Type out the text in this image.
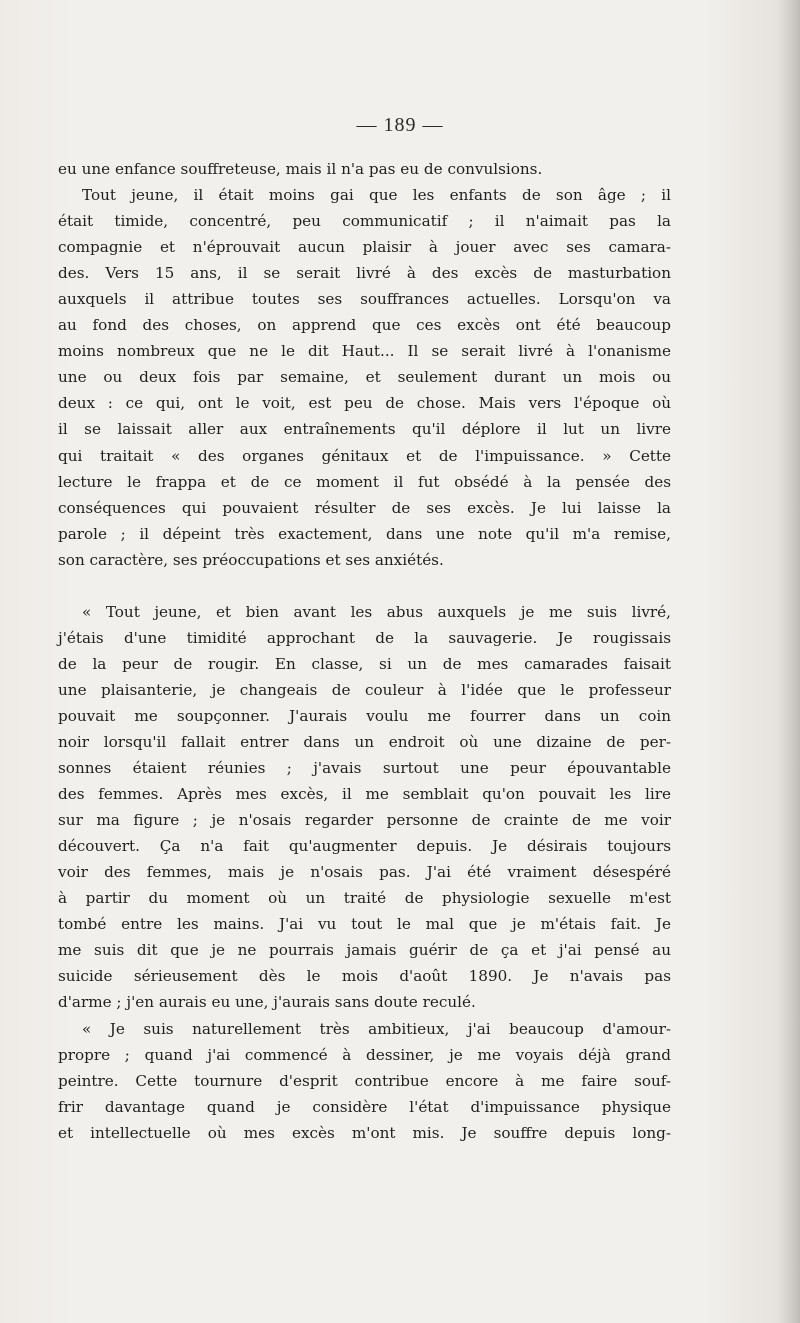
— 189 —
eu une enfance souffreteuse, mais il n'a pas eu de convulsions.
Tout jeune, il était moins gai que les enfants de son âge ; il
était timide, concentré, peu communicatif ; il n'aimait pas la
compagnie et n'éprouvait aucun plaisir à jouer avec ses camara-
des. Vers 15 ans, il se serait livré à des excès de masturbation
auxquels il attribue toutes ses souffrances actuelles. Lorsqu'on va
au fond des choses, on apprend que ces excès ont été beaucoup
moins nombreux que ne le dit Haut... Il se serait livré à l'onanisme
une ou deux fois par semaine, et seulement durant un mois ou
deux : ce qui, ont le voit, est peu de chose. Mais vers l'époque où
il se laissait aller aux entraînements qu'il déplore il lut un livre
qui traitait « des organes génitaux et de l'impuissance. » Cette
lecture le frappa et de ce moment il fut obsédé à la pensée des
conséquences qui pouvaient résulter de ses excès. Je lui laisse la
parole ; il dépeint très exactement, dans une note qu'il m'a remise,
son caractère, ses préoccupations et ses anxiétés.
« Tout jeune, et bien avant les abus auxquels je me suis livré,
j'étais d'une timidité approchant de la sauvagerie. Je rougissais
de la peur de rougir. En classe, si un de mes camarades faisait
une plaisanterie, je changeais de couleur à l'idée que le professeur
pouvait me soupçonner. J'aurais voulu me fourrer dans un coin
noir lorsqu'il fallait entrer dans un endroit où une dizaine de per-
sonnes étaient réunies ; j'avais surtout une peur épouvantable
des femmes. Après mes excès, il me semblait qu'on pouvait les lire
sur ma figure ; je n'osais regarder personne de crainte de me voir
découvert. Ça n'a fait qu'augmenter depuis. Je désirais toujours
voir des femmes, mais je n'osais pas. J'ai été vraiment désespéré
à partir du moment où un traité de physiologie sexuelle m'est
tombé entre les mains. J'ai vu tout le mal que je m'étais fait. Je
me suis dit que je ne pourrais jamais guérir de ça et j'ai pensé au
suicide sérieusement dès le mois d'août 1890. Je n'avais pas
d'arme ; j'en aurais eu une, j'aurais sans doute reculé.
« Je suis naturellement très ambitieux, j'ai beaucoup d'amour-
propre ; quand j'ai commencé à dessiner, je me voyais déjà grand
peintre. Cette tournure d'esprit contribue encore à me faire souf-
frir davantage quand je considère l'état d'impuissance physique
et intellectuelle où mes excès m'ont mis. Je souffre depuis long-
